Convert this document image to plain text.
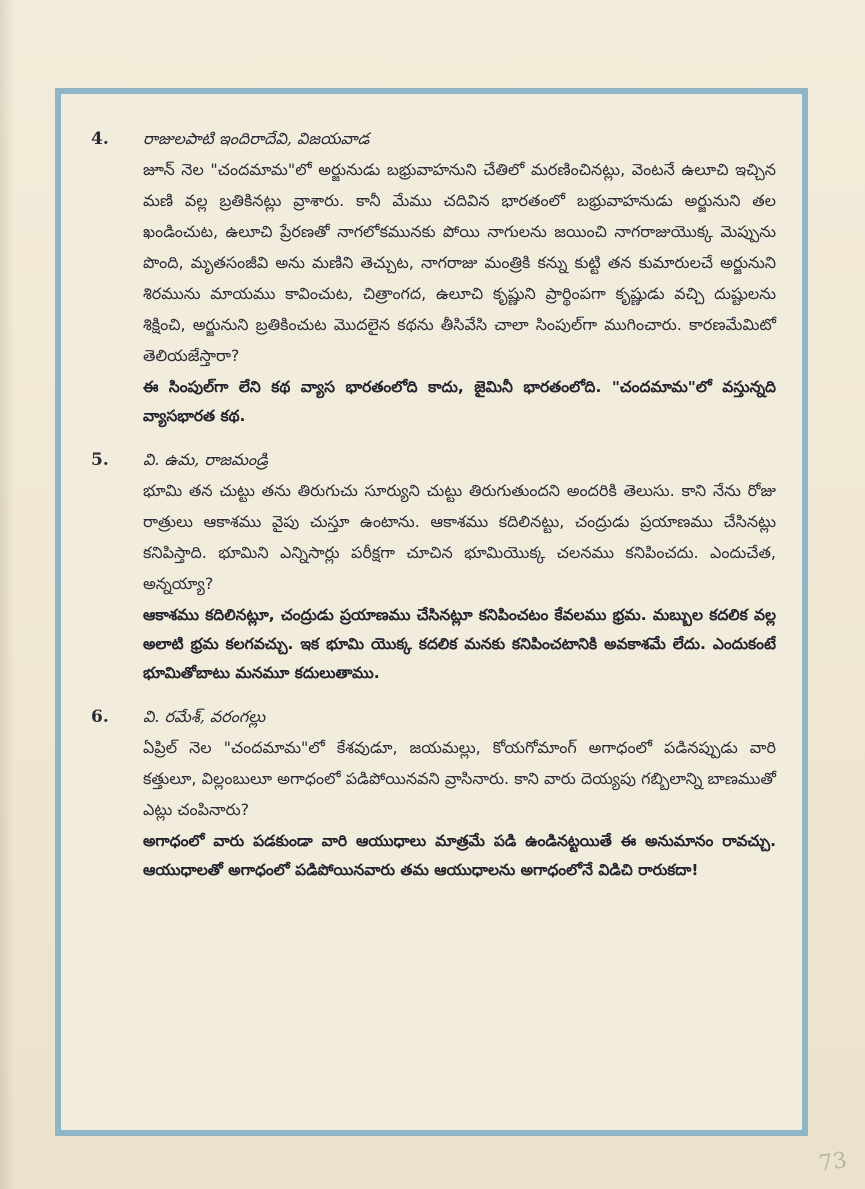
4.	రాజులపాటి ఇందిరాదేవి, విజయవాడ
జూన్ నెల "చందమామ"లో అర్జునుడు బభ్రువాహనుని చేతిలో మరణించినట్లు, వెంటనే ఉలూచి ఇచ్చిన మణి వల్ల బ్రతికినట్లు వ్రాశారు. కానీ మేము చదివిన భారతంలో బభ్రువాహనుడు అర్జునుని తల ఖండించుట, ఉలూచి ప్రేరణతో నాగలోకమునకు పోయి నాగులను జయించి నాగరాజుయొక్క మెప్పును పొంది, మృతసంజీవి అను మణిని తెచ్చుట, నాగరాజు మంత్రికి కన్ను కుట్టి తన కుమారులచే అర్జునుని శిరమును మాయము కావించుట, చిత్రాంగద, ఉలూచి కృష్ణుని ప్రార్థింపగా కృష్ణుడు వచ్చి దుష్టులను శిక్షించి, అర్జునుని బ్రతికించుట మొదలైన కథను తీసివేసి చాలా సింపుల్‌గా ముగించారు. కారణమేమిటో తెలియజేస్తారా?
ఈ సింపుల్‌గా లేని కథ వ్యాస భారతంలోది కాదు, జైమినీ భారతంలోది. "చందమామ"లో వస్తున్నది వ్యాసభారత కథ.
5.	వి. ఉమ, రాజమండ్రి
భూమి తన చుట్టు తను తిరుగుచు సూర్యుని చుట్టు తిరుగుతుందని అందరికి తెలుసు. కాని నేను రోజు రాత్రులు ఆకాశము వైపు చుస్తూ ఉంటాను. ఆకాశము కదిలినట్టు, చంద్రుడు ప్రయాణము చేసినట్లు కనిపిస్తాది. భూమిని ఎన్నిసార్లు పరీక్షగా చూచిన భూమియొక్క చలనము కనిపించదు. ఎందుచేత, అన్నయ్యా?
ఆకాశము కదిలినట్లూ, చంద్రుడు ప్రయాణము చేసినట్లూ కనిపించటం కేవలము భ్రమ. మబ్బుల కదలిక వల్ల అలాటి భ్రమ కలగవచ్చు. ఇక భూమి యొక్క కదలిక మనకు కనిపించటానికి అవకాశమే లేదు. ఎందుకంటే భూమితోబాటు మనమూ కదులుతాము.
6.	వి. రమేశ్, వరంగల్లు
ఏప్రిల్ నెల "చందమామ"లో కేశవుడూ, జయమల్లు, కోయగోమాంగ్ అగాధంలో పడినప్పుడు వారి కత్తులూ, విల్లంబులూ అగాధంలో పడిపోయినవని వ్రాసినారు. కాని వారు దెయ్యపు గబ్బిలాన్ని బాణముతో ఎట్లు చంపినారు?
అగాధంలో వారు పడకుండా వారి ఆయుధాలు మాత్రమే పడి ఉండినట్టయితే ఈ అనుమానం రావచ్చు. ఆయుధాలతో అగాధంలో పడిపోయినవారు తమ ఆయుధాలను అగాధంలోనే విడిచి రారుకదా!
73
